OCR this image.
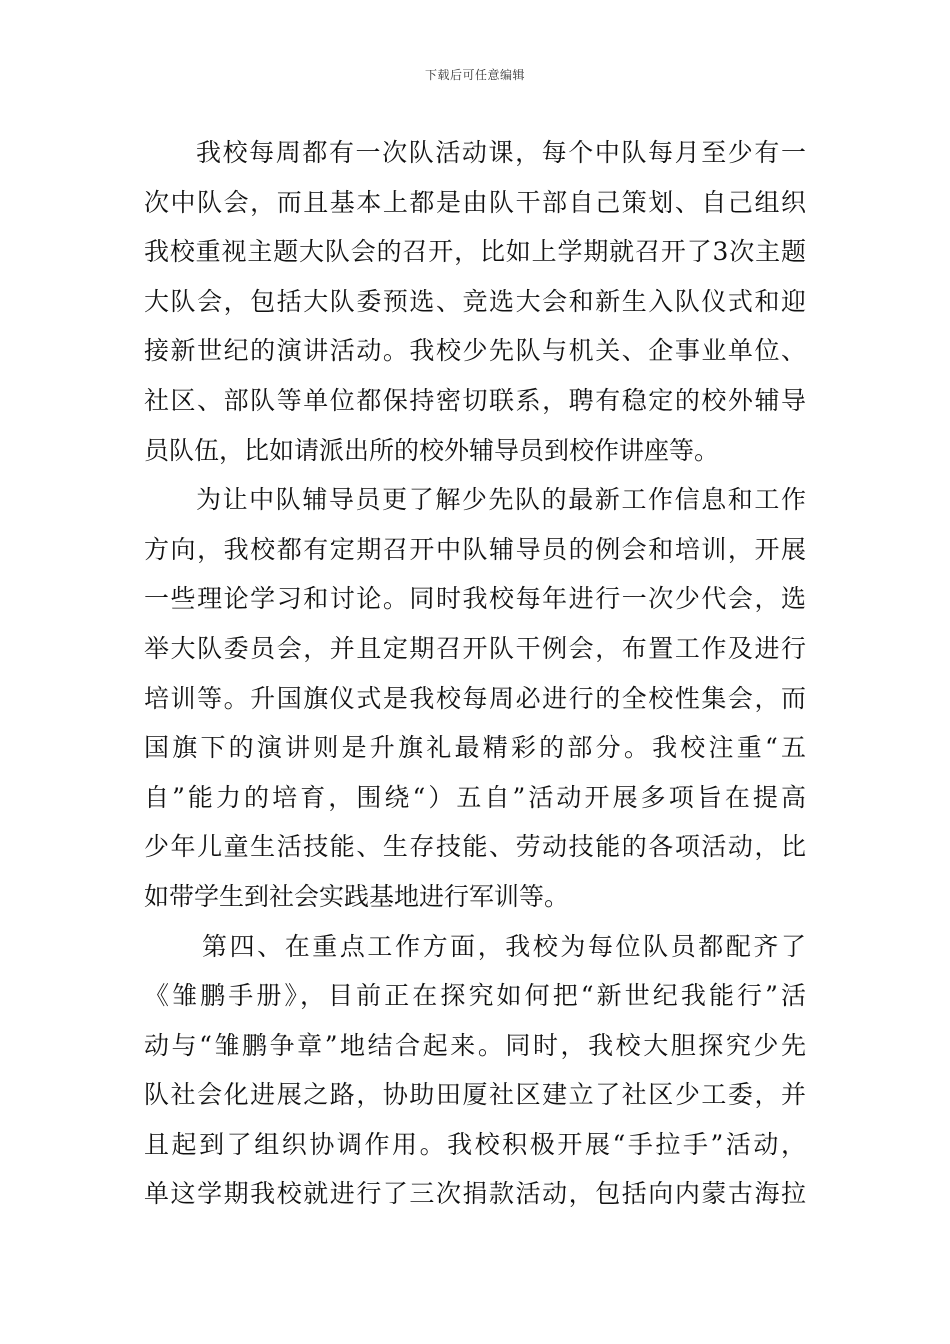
下载后可任意编辑
我校每周都有一次队活动课，每个中队每月至少有一
次中队会，而且基本上都是由队干部自己策划、自己组织
我校重视主题大队会的召开，比如上学期就召开了3次主题
大队会，包括大队委预选、竞选大会和新生入队仪式和迎
接新世纪的演讲活动。我校少先队与机关、企事业单位、
社区、部队等单位都保持密切联系，聘有稳定的校外辅导
员队伍，比如请派出所的校外辅导员到校作讲座等。
为让中队辅导员更了解少先队的最新工作信息和工作
方向，我校都有定期召开中队辅导员的例会和培训，开展
一些理论学习和讨论。同时我校每年进行一次少代会，选
举大队委员会，并且定期召开队干例会，布置工作及进行
培训等。升国旗仪式是我校每周必进行的全校性集会，而
国旗下的演讲则是升旗礼最精彩的部分。我校注重“五
自”能力的培育，围绕“）五自”活动开展多项旨在提高
少年儿童生活技能、生存技能、劳动技能的各项活动，比
如带学生到社会实践基地进行军训等。
第四、在重点工作方面，我校为每位队员都配齐了
《雏鹏手册》，目前正在探究如何把“新世纪我能行”活
动与“雏鹏争章”地结合起来。同时，我校大胆探究少先
队社会化进展之路，协助田厦社区建立了社区少工委，并
且起到了组织协调作用。我校积极开展“手拉手”活动，
单这学期我校就进行了三次捐款活动，包括向内蒙古海拉
